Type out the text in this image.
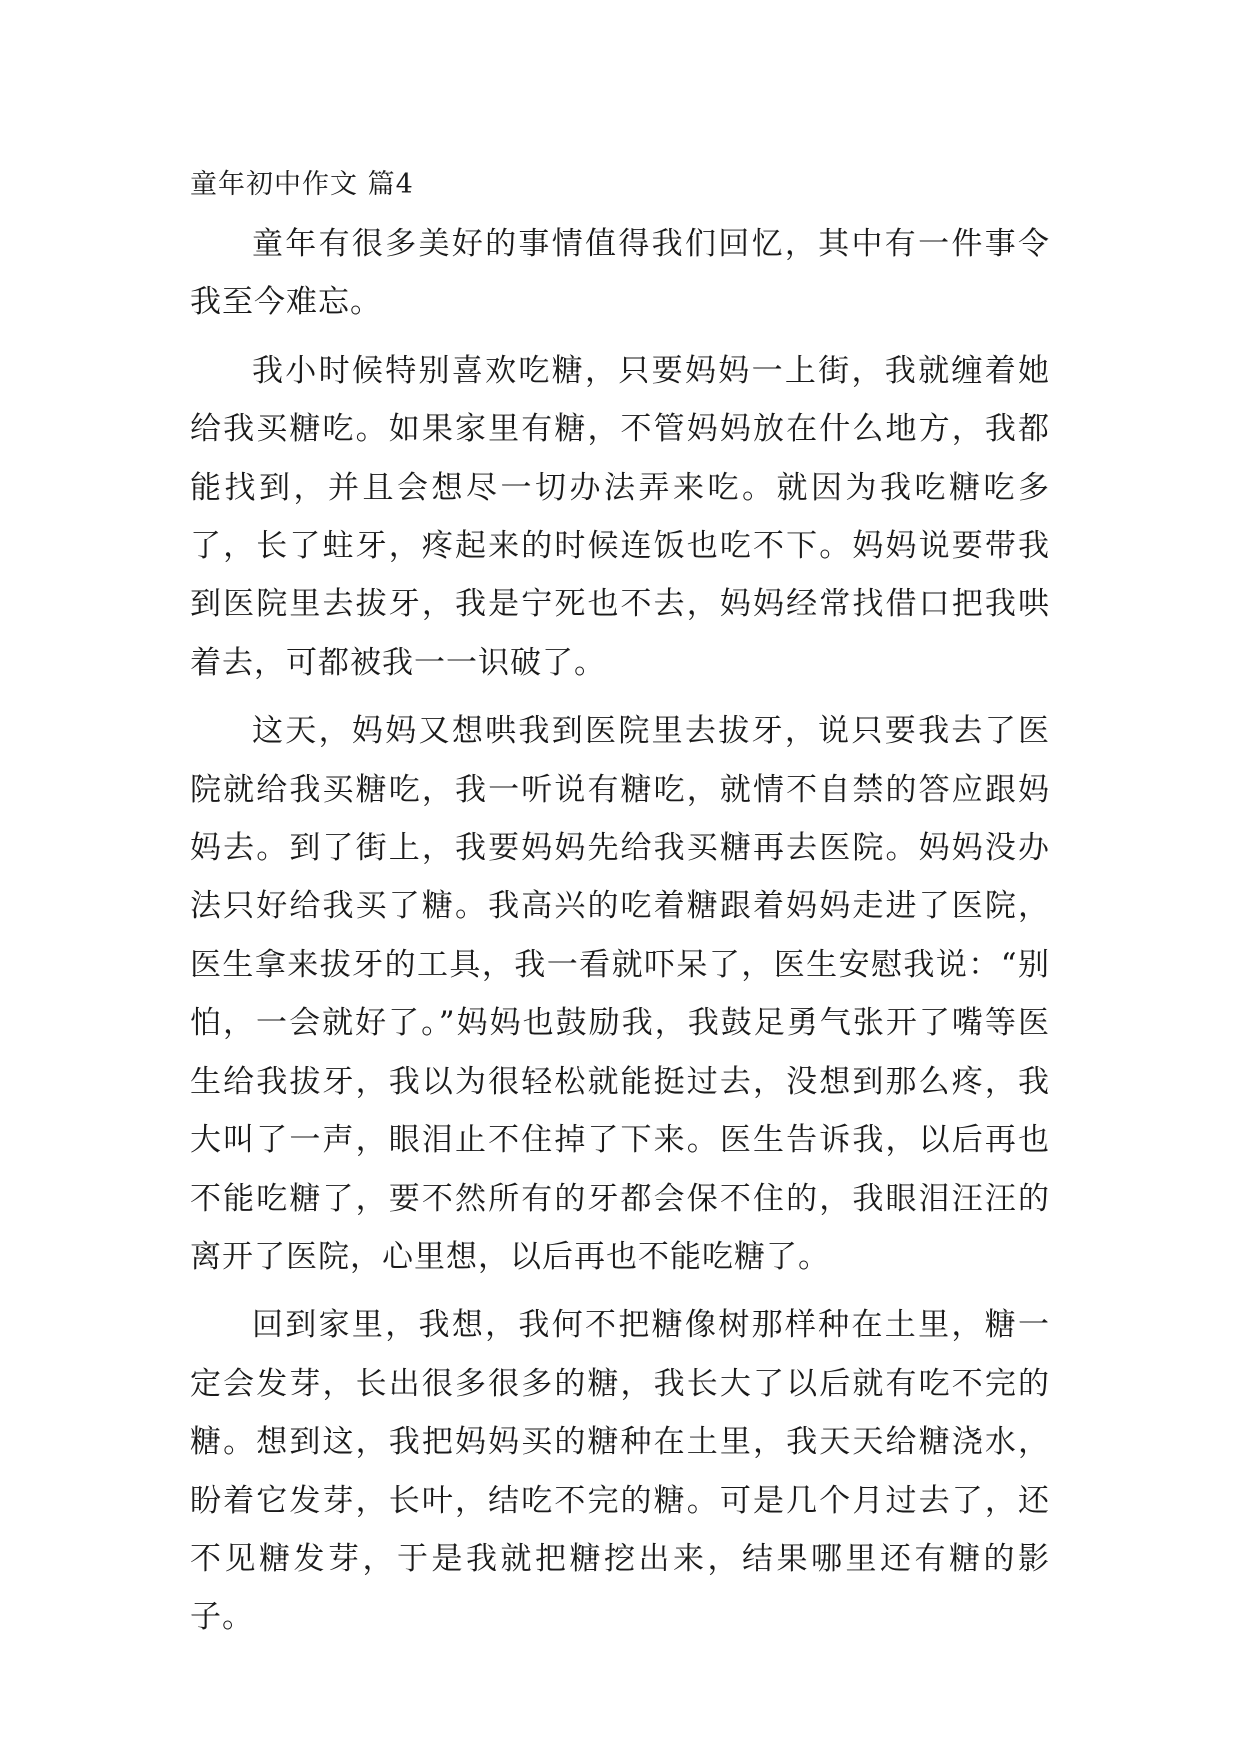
童年初中作文 篇4

童年有很多美好的事情值得我们回忆，其中有一件事令我至今难忘。

我小时候特别喜欢吃糖，只要妈妈一上街，我就缠着她给我买糖吃。如果家里有糖，不管妈妈放在什么地方，我都能找到，并且会想尽一切办法弄来吃。就因为我吃糖吃多了，长了蛀牙，疼起来的时候连饭也吃不下。妈妈说要带我到医院里去拔牙，我是宁死也不去，妈妈经常找借口把我哄着去，可都被我一一识破了。

这天，妈妈又想哄我到医院里去拔牙，说只要我去了医院就给我买糖吃，我一听说有糖吃，就情不自禁的答应跟妈妈去。到了街上，我要妈妈先给我买糖再去医院。妈妈没办法只好给我买了糖。我高兴的吃着糖跟着妈妈走进了医院，医生拿来拔牙的工具，我一看就吓呆了，医生安慰我说：“别怕，一会就好了。”妈妈也鼓励我，我鼓足勇气张开了嘴等医生给我拔牙，我以为很轻松就能挺过去，没想到那么疼，我大叫了一声，眼泪止不住掉了下来。医生告诉我，以后再也不能吃糖了，要不然所有的牙都会保不住的，我眼泪汪汪的离开了医院，心里想，以后再也不能吃糖了。

回到家里，我想，我何不把糖像树那样种在土里，糖一定会发芽，长出很多很多的糖，我长大了以后就有吃不完的糖。想到这，我把妈妈买的糖种在土里，我天天给糖浇水，盼着它发芽，长叶，结吃不完的糖。可是几个月过去了，还不见糖发芽，于是我就把糖挖出来，结果哪里还有糖的影子。
